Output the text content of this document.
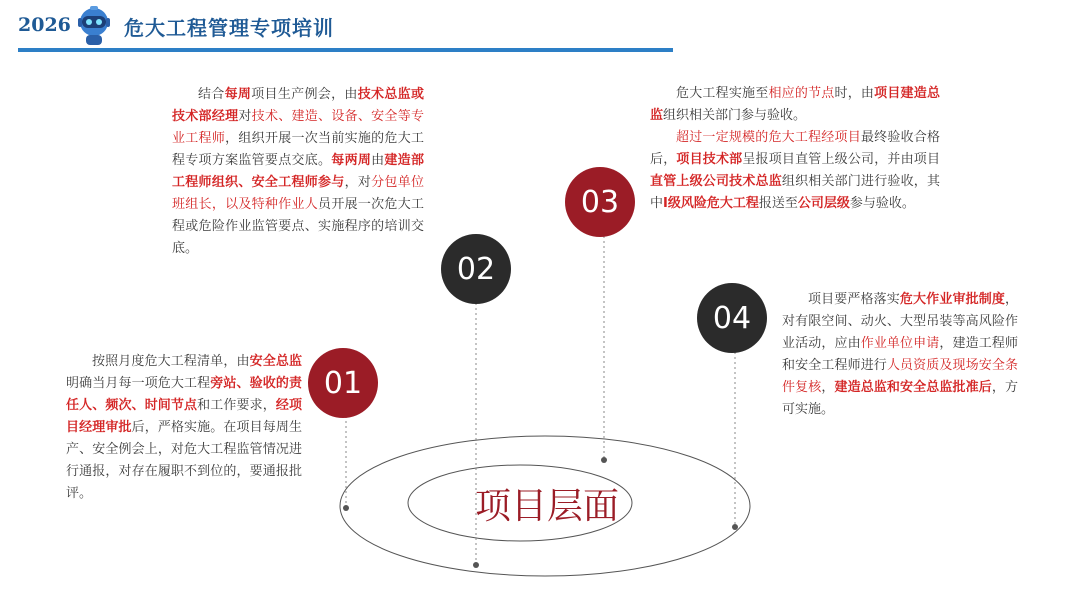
2026	危大工程管理专项培训
01
02
03
04
项目层面

结合每周项目生产例会，由技术总监或技术部经理对技术、建造、设备、安全等专业工程师，组织开展一次当前实施的危大工程专项方案监管要点交底。每两周由建造部工程师组织、安全工程师参与，对分包单位班组长，以及特种作业人员开展一次危大工程或危险作业监管要点、实施程序的培训交底。

危大工程实施至相应的节点时，由项目建造总监组织相关部门参与验收。

超过一定规模的危大工程经项目最终验收合格后，项目技术部呈报项目直管上级公司，并由项目直管上级公司技术总监组织相关部门进行验收，其中I级风险危大工程报送至公司层级参与验收。

按照月度危大工程清单，由安全总监明确当月每一项危大工程旁站、验收的责任人、频次、时间节点和工作要求，经项目经理审批后，严格实施。在项目每周生产、安全例会上，对危大工程监管情况进行通报，对存在履职不到位的，要通报批评。

项目要严格落实危大作业审批制度，对有限空间、动火、大型吊装等高风险作业活动，应由作业单位申请，建造工程师和安全工程师进行人员资质及现场安全条件复核，建造总监和安全总监批准后，方可实施。
